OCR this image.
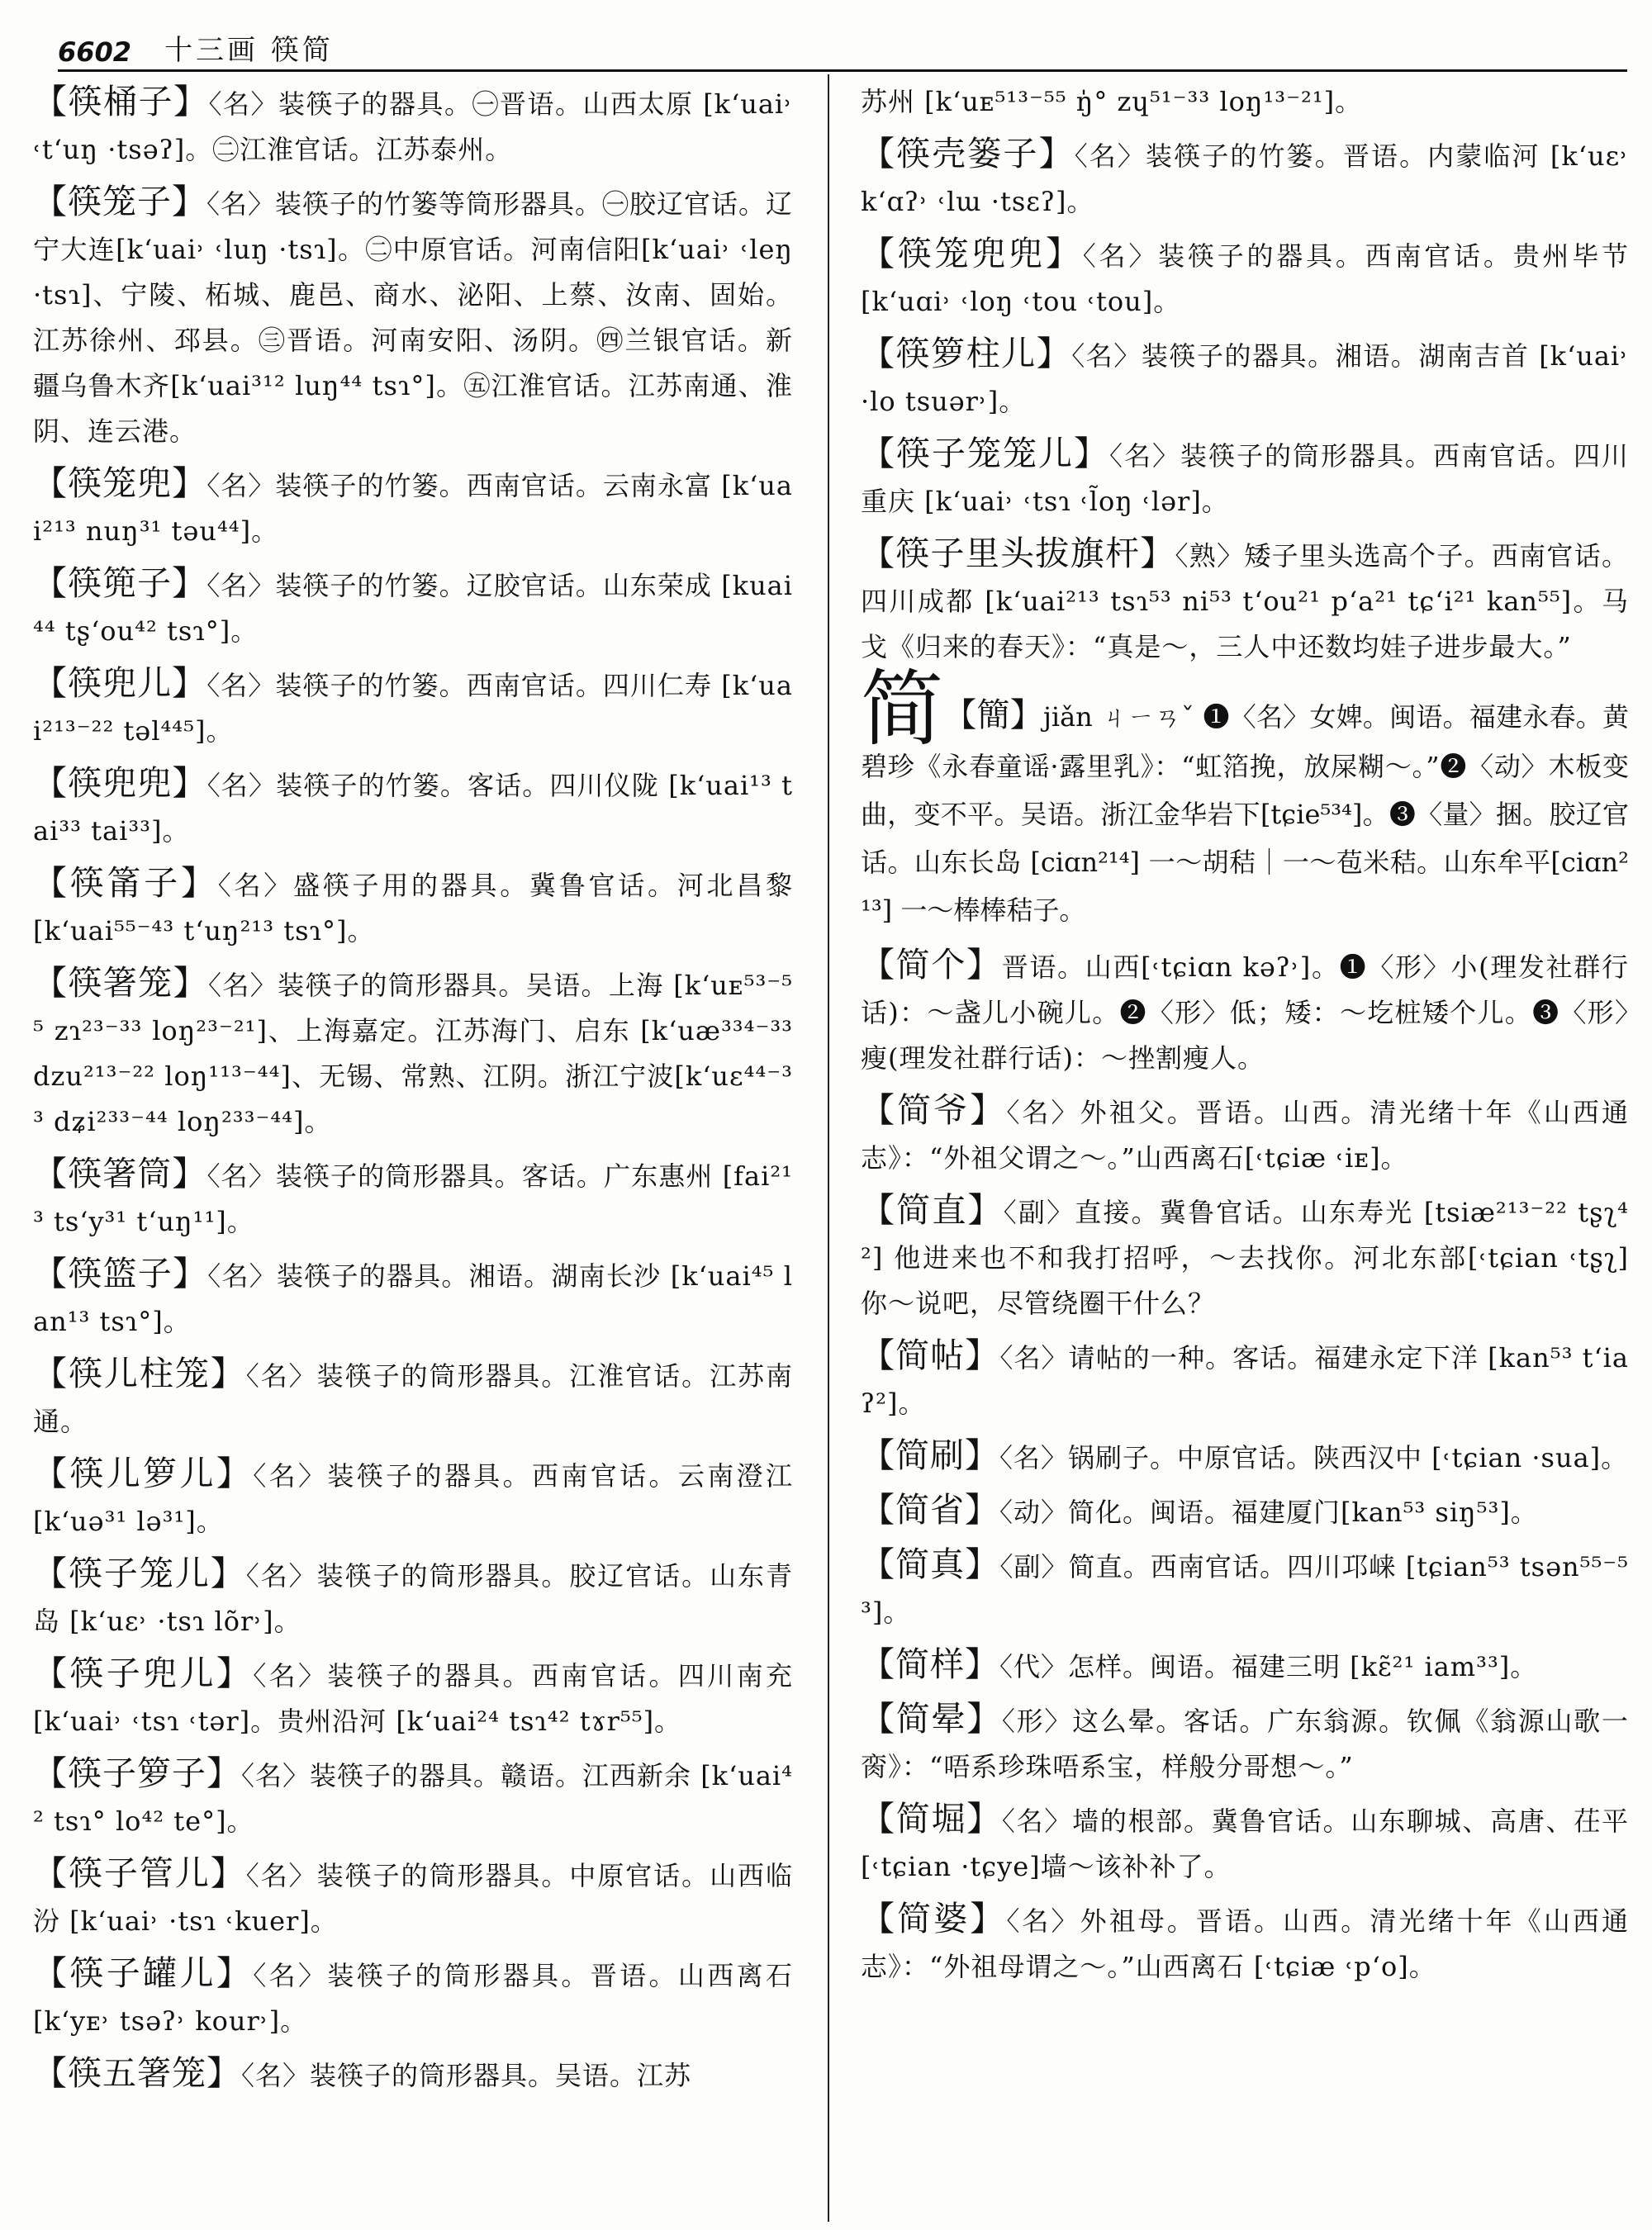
6602 十三画 筷简
【筷桶子】〈名〉装筷子的器具。㊀晋语。山西太原 [k‘uai˒ ˓t‘uŋ ·tsəʔ]。㊁江淮官话。江苏泰州。
【筷笼子】〈名〉装筷子的竹篓等筒形器具。㊀胶辽官话。辽宁大连[k‘uai˒ ˓luŋ ·tsɿ]。㊁中原官话。河南信阳[k‘uai˒ ˓leŋ ·tsɿ]、宁陵、柘城、鹿邑、商水、泌阳、上蔡、汝南、固始。江苏徐州、邳县。㊂晋语。河南安阳、汤阴。㊃兰银官话。新疆乌鲁木齐[k‘uai³¹² luŋ⁴⁴ tsɿ°]。㊄江淮官话。江苏南通、淮阴、连云港。
【筷笼兜】〈名〉装筷子的竹篓。西南官话。云南永富 [k‘uai²¹³ nuŋ³¹ təu⁴⁴]。
【筷篼子】〈名〉装筷子的竹篓。辽胶官话。山东荣成 [kuai⁴⁴ tʂ‘ou⁴² tsɿ°]。
【筷兜儿】〈名〉装筷子的竹篓。西南官话。四川仁寿 [k‘uai²¹³⁻²² təl⁴⁴⁵]。
【筷兜兜】〈名〉装筷子的竹篓。客话。四川仪陇 [k‘uai¹³ tai³³ tai³³]。
【筷筩子】〈名〉盛筷子用的器具。冀鲁官话。河北昌黎 [k‘uai⁵⁵⁻⁴³ t‘uŋ²¹³ tsɿ°]。
【筷箸笼】〈名〉装筷子的筒形器具。吴语。上海 [k‘uᴇ⁵³⁻⁵⁵ zɿ²³⁻³³ loŋ²³⁻²¹]、上海嘉定。江苏海门、启东 [k‘uæ³³⁴⁻³³ dzu²¹³⁻²² loŋ¹¹³⁻⁴⁴]、无锡、常熟、江阴。浙江宁波[k‘uɛ⁴⁴⁻³³ dʑi²³³⁻⁴⁴ loŋ²³³⁻⁴⁴]。
【筷箸筒】〈名〉装筷子的筒形器具。客话。广东惠州 [fai²¹³ ts‘y³¹ t‘uŋ¹¹]。
【筷篮子】〈名〉装筷子的器具。湘语。湖南长沙 [k‘uai⁴⁵ lan¹³ tsɿ°]。
【筷儿柱笼】〈名〉装筷子的筒形器具。江淮官话。江苏南通。
【筷儿箩儿】〈名〉装筷子的器具。西南官话。云南澄江[k‘uə³¹ lə³¹]。
【筷子笼儿】〈名〉装筷子的筒形器具。胶辽官话。山东青岛 [k‘uɛ˒ ·tsɿ lõr˒]。
【筷子兜儿】〈名〉装筷子的器具。西南官话。四川南充 [k‘uai˒ ˓tsɿ ˓tər]。贵州沿河 [k‘uai²⁴ tsɿ⁴² tɤr⁵⁵]。
【筷子箩子】〈名〉装筷子的器具。赣语。江西新余 [k‘uai⁴² tsɿ° lo⁴² te°]。
【筷子管儿】〈名〉装筷子的筒形器具。中原官话。山西临汾 [k‘uai˒ ·tsɿ ˓kuer]。
【筷子罐儿】〈名〉装筷子的筒形器具。晋语。山西离石 [k‘yᴇ˒ tsəʔ˒ kour˒]。
【筷五箸笼】〈名〉装筷子的筒形器具。吴语。江苏
苏州 [k‘uᴇ⁵¹³⁻⁵⁵ ŋ̍° zɥ⁵¹⁻³³ loŋ¹³⁻²¹]。
【筷壳篓子】〈名〉装筷子的竹篓。晋语。内蒙临河 [k‘uɛ˒ k‘ɑʔ˒ ˓lɯ ·tsɛʔ]。
【筷笼兜兜】〈名〉装筷子的器具。西南官话。贵州毕节 [k‘uɑi˒ ˓loŋ ˓tou ˓tou]。
【筷箩柱儿】〈名〉装筷子的器具。湘语。湖南吉首 [k‘uai˒ ·lo tsuər˒]。
【筷子笼笼儿】〈名〉装筷子的筒形器具。西南官话。四川重庆 [k‘uai˒ ˓tsɿ ˓l̃oŋ ˓lər]。
【筷子里头拔旗杆】〈熟〉矮子里头选高个子。西南官话。四川成都 [k‘uai²¹³ tsɿ⁵³ ni⁵³ t‘ou²¹ p‘a²¹ tɕ‘i²¹ kan⁵⁵]。马戈《归来的春天》：“真是～，三人中还数均娃子进步最大。”
简【簡】jiǎn ㄐㄧㄢˇ ❶〈名〉女婢。闽语。福建永春。黄碧珍《永春童谣·露里乳》：“虹箔挽，放屎糊～。”❷〈动〉木板变曲，变不平。吴语。浙江金华岩下[tɕie⁵³⁴]。❸〈量〉捆。胶辽官话。山东长岛 [ciɑn²¹⁴] 一～胡秸｜一～苞米秸。山东牟平[ciɑn²¹³] 一～棒棒秸子。
【简个】晋语。山西[˓tɕiɑn kəʔ˒]。❶〈形〉小(理发社群行话)：～盏儿小碗儿。❷〈形〉低；矮：～圪桩矮个儿。❸〈形〉瘦(理发社群行话)：～挫割瘦人。
【简爷】〈名〉外祖父。晋语。山西。清光绪十年《山西通志》：“外祖父谓之～。”山西离石[˓tɕiæ ˓iᴇ]。
【简直】〈副〉直接。冀鲁官话。山东寿光 [tsiæ²¹³⁻²² tʂʅ⁴²] 他进来也不和我打招呼，～去找你。河北东部[˓tɕian ˓tʂʅ] 你～说吧，尽管绕圈干什么？
【简帖】〈名〉请帖的一种。客话。福建永定下洋 [kan⁵³ t‘iaʔ²]。
【简刷】〈名〉锅刷子。中原官话。陕西汉中 [˓tɕian ·sua]。
【简省】〈动〉简化。闽语。福建厦门[kan⁵³ siŋ⁵³]。
【简真】〈副〉简直。西南官话。四川邛崃 [tɕian⁵³ tsən⁵⁵⁻⁵³]。
【简样】〈代〉怎样。闽语。福建三明 [kɛ̃²¹ iam³³]。
【简晕】〈形〉这么晕。客话。广东翁源。钦佩《翁源山歌一脔》：“唔系珍珠唔系宝，样般分哥想～。”
【简堀】〈名〉墙的根部。冀鲁官话。山东聊城、高唐、茌平 [˓tɕian ·tɕye]墙～该补补了。
【简婆】〈名〉外祖母。晋语。山西。清光绪十年《山西通志》：“外祖母谓之～。”山西离石 [˓tɕiæ ˓p‘o]。
